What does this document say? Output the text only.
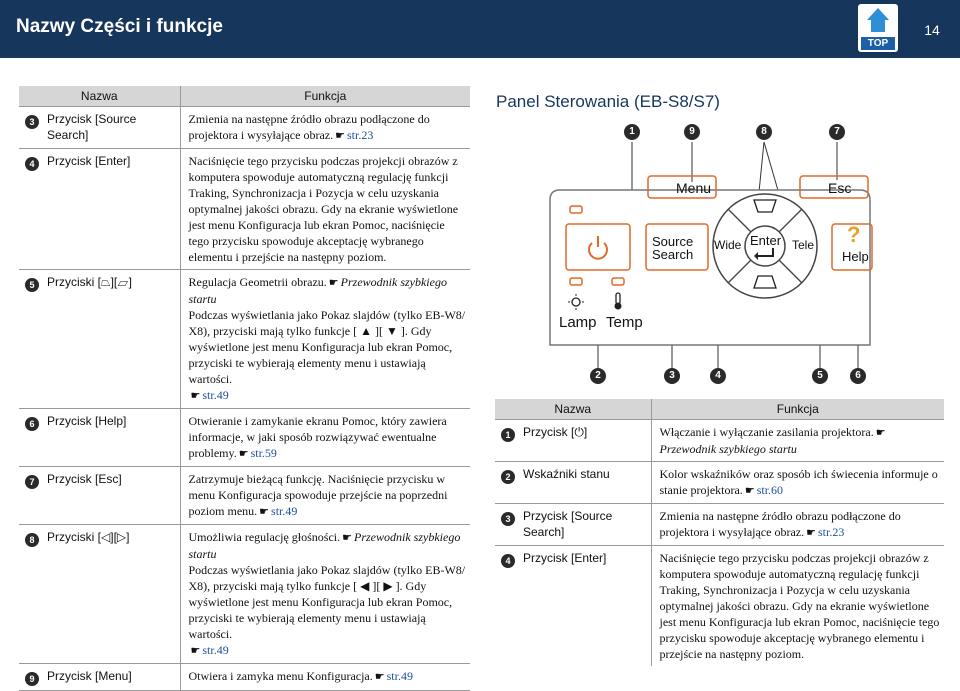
Nazwy Części i funkcje
TOP
14
Nazwa	Funkcja
3 Przycisk [Source Search]	Zmienia na następne źródło obrazu podłączone do projektora i wysyłające obraz. ☛ str.23
4 Przycisk [Enter]	Naciśnięcie tego przycisku podczas projekcji obrazów z komputera spowoduje automatyczną regulację funkcji Traking, Synchronizacja i Pozycja w celu uzyskania optymalnej jakości obrazu. Gdy na ekranie wyświetlone jest menu Konfiguracja lub ekran Pomoc, naciśnięcie tego przycisku spowoduje akceptację wybranego elementu i przejście na następny poziom.
5 Przyciski [⏢][⏥]	Regulacja Geometrii obrazu. ☛ Przewodnik szybkiego startu
Podczas wyświetlania jako Pokaz slajdów (tylko EB-W8/ X8), przyciski mają tylko funkcje [ ▲ ][ ▼ ]. Gdy wyświetlone jest menu Konfiguracja lub ekran Pomoc, przyciski te wybierają elementy menu i ustawiają wartości.
☛ str.49
6 Przycisk [Help]	Otwieranie i zamykanie ekranu Pomoc, który zawiera informacje, w jaki sposób rozwiązywać ewentualne problemy. ☛ str.59
7 Przycisk [Esc]	Zatrzymuje bieżącą funkcję. Naciśnięcie przycisku w menu Konfiguracja spowoduje przejście na poprzedni poziom menu. ☛ str.49
8 Przyciski [◁][▷]	Umożliwia regulację głośności. ☛ Przewodnik szybkiego startu
Podczas wyświetlania jako Pokaz slajdów (tylko EB-W8/ X8), przyciski mają tylko funkcje [ ◀ ][ ▶ ]. Gdy wyświetlone jest menu Konfiguracja lub ekran Pomoc, przyciski te wybierają elementy menu i ustawiają wartości.
☛ str.49
9 Przycisk [Menu]	Otwiera i zamyka menu Konfiguracja. ☛ str.49
Panel Sterowania (EB-S8/S7)
1	9	8	7
Menu	Esc
Source
Search
Wide Enter Tele ?
Help
Lamp Temp
2	3	4	5	6
Nazwa	Funkcja
1 Przycisk [⏻]	Włączanie i wyłączanie zasilania projektora. ☛
Przewodnik szybkiego startu

2 Wskaźniki stanu	Kolor wskaźników oraz sposób ich świecenia informuje o stanie projektora. ☛ str.60
3 Przycisk [Source Search]	Zmienia na następne źródło obrazu podłączone do projektora i wysyłające obraz. ☛ str.23
4 Przycisk [Enter]	Naciśnięcie tego przycisku podczas projekcji obrazów z komputera spowoduje automatyczną regulację funkcji Traking, Synchronizacja i Pozycja w celu uzyskania optymalnej jakości obrazu. Gdy na ekranie wyświetlone jest menu Konfiguracja lub ekran Pomoc, naciśnięcie tego przycisku spowoduje akceptację wybranego elementu i przejście na następny poziom.
